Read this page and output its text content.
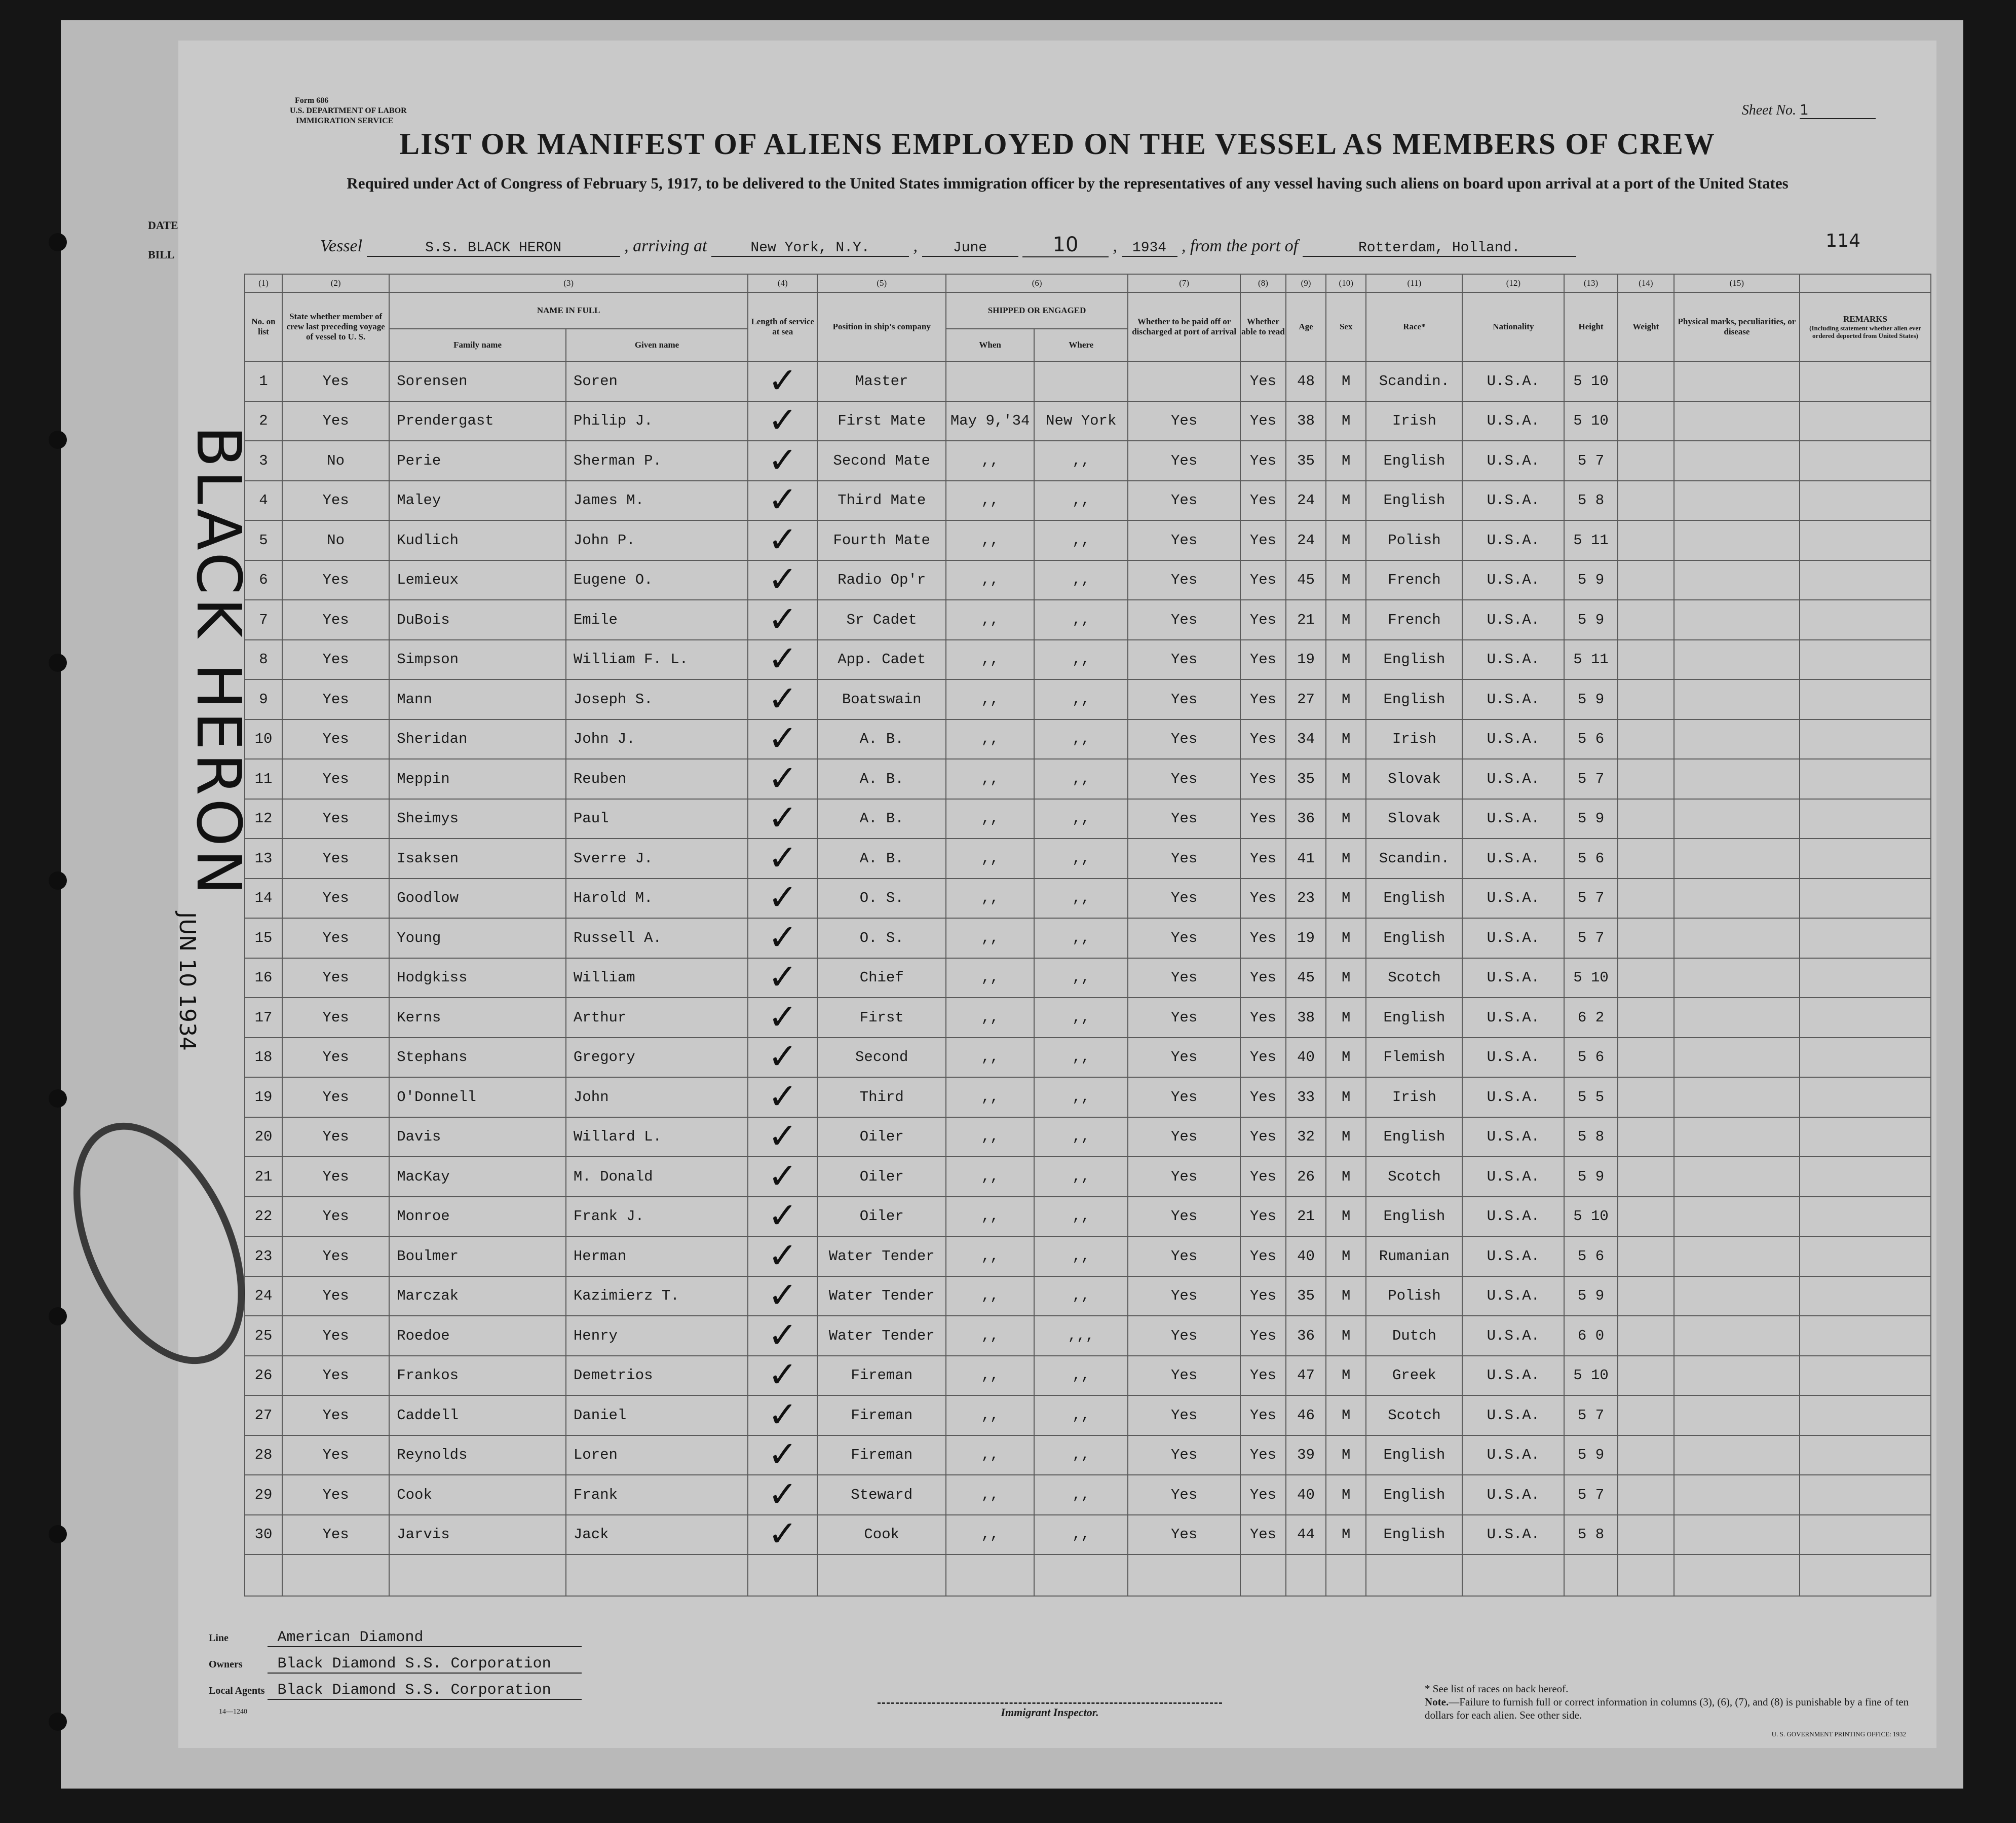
DATE
BILL
Form 686
U.S. DEPARTMENT OF LABOR
IMMIGRATION SERVICE
Sheet No. 1
LIST OR MANIFEST OF ALIENS EMPLOYED ON THE VESSEL AS MEMBERS OF CREW
Required under Act of Congress of February 5, 1917, to be delivered to the United States immigration officer by the representatives of any vessel having such aliens on board upon arrival at a port of the United States
Vessel	S.S. BLACK HERON	, arriving at	New York, N.Y.	, June	10 , 1934 , from the port of	Rotterdam, Holland.	114
(1)	(2)	(3)		(4)	(5)	(6)		(7)	(8)	(9)	(10)	(11)	(12)	(13)	(14)	(15)	
No. on list	State whether member of crew last preceding voyage of vessel to U. S.	NAME IN FULL		Length of service at sea	Position in ship's company	SHIPPED OR ENGAGED		Whether to be paid off or discharged at port of arrival	Whether able to read	Age	Sex	Race*	Nationality	Height	Weight	Physical marks, peculiarities, or disease	REMARKS
(Including statement whether alien ever ordered deported from United States)

		Family name	Given name			When	Where										
1	Yes	Sorensen	Soren	✓	Master				Yes	48	M	Scandin.	U.S.A.	5 10			
2	Yes	Prendergast	Philip J.	✓	First Mate	May 9,'34	New York	Yes	Yes	38	M	Irish	U.S.A.	5 10			
3	No	Perie	Sherman P.	✓	Second Mate	,,	,,	Yes	Yes	35	M	English	U.S.A.	5 7			
4	Yes	Maley	James M.	✓	Third Mate	,,	,,	Yes	Yes	24	M	English	U.S.A.	5 8			
5	No	Kudlich	John P.	✓	Fourth Mate	,,	,,	Yes	Yes	24	M	Polish	U.S.A.	5 11			
6	Yes	Lemieux	Eugene O.	✓	Radio Op'r	,,	,,	Yes	Yes	45	M	French	U.S.A.	5 9			
7	Yes	DuBois	Emile	✓	Sr Cadet	,,	,,	Yes	Yes	21	M	French	U.S.A.	5 9			
8	Yes	Simpson	William F. L.	✓	App. Cadet	,,	,,	Yes	Yes	19	M	English	U.S.A.	5 11			
9	Yes	Mann	Joseph S.	✓	Boatswain	,,	,,	Yes	Yes	27	M	English	U.S.A.	5 9			
10	Yes	Sheridan	John J.	✓	A. B.	,,	,,	Yes	Yes	34	M	Irish	U.S.A.	5 6			
11	Yes	Meppin	Reuben	✓	A. B.	,,	,,	Yes	Yes	35	M	Slovak	U.S.A.	5 7			
12	Yes	Sheimys	Paul	✓	A. B.	,,	,,	Yes	Yes	36	M	Slovak	U.S.A.	5 9			
13	Yes	Isaksen	Sverre J.	✓	A. B.	,,	,,	Yes	Yes	41	M	Scandin.	U.S.A.	5 6			
14	Yes	Goodlow	Harold M.	✓	O. S.	,,	,,	Yes	Yes	23	M	English	U.S.A.	5 7			
15	Yes	Young	Russell A.	✓	O. S.	,,	,,	Yes	Yes	19	M	English	U.S.A.	5 7			
16	Yes	Hodgkiss	William	✓	Chief	,,	,,	Yes	Yes	45	M	Scotch	U.S.A.	5 10			
17	Yes	Kerns	Arthur	✓	First	,,	,,	Yes	Yes	38	M	English	U.S.A.	6 2			
18	Yes	Stephans	Gregory	✓	Second	,,	,,	Yes	Yes	40	M	Flemish	U.S.A.	5 6			
19	Yes	O'Donnell	John	✓	Third	,,	,,	Yes	Yes	33	M	Irish	U.S.A.	5 5			
20	Yes	Davis	Willard L.	✓	Oiler	,,	,,	Yes	Yes	32	M	English	U.S.A.	5 8			
21	Yes	MacKay	M. Donald	✓	Oiler	,,	,,	Yes	Yes	26	M	Scotch	U.S.A.	5 9			
22	Yes	Monroe	Frank J.	✓	Oiler	,,	,,	Yes	Yes	21	M	English	U.S.A.	5 10			
23	Yes	Boulmer	Herman	✓	Water Tender	,,	,,	Yes	Yes	40	M	Rumanian	U.S.A.	5 6			
24	Yes	Marczak	Kazimierz T.	✓	Water Tender	,,	,,	Yes	Yes	35	M	Polish	U.S.A.	5 9			
25	Yes	Roedoe	Henry	✓	Water Tender	,,	,,,	Yes	Yes	36	M	Dutch	U.S.A.	6 0			
26	Yes	Frankos	Demetrios	✓	Fireman	,,	,,	Yes	Yes	47	M	Greek	U.S.A.	5 10			
27	Yes	Caddell	Daniel	✓	Fireman	,,	,,	Yes	Yes	46	M	Scotch	U.S.A.	5 7			
28	Yes	Reynolds	Loren	✓	Fireman	,,	,,	Yes	Yes	39	M	English	U.S.A.	5 9			
29	Yes	Cook	Frank	✓	Steward	,,	,,	Yes	Yes	40	M	English	U.S.A.	5 7			
30	Yes	Jarvis	Jack	✓	Cook	,,	,,	Yes	Yes	44	M	English	U.S.A.	5 8			

Line	American Diamond
Owners Black Diamond S.S. Corporation
Local Agents Black Diamond S.S. Corporation
14—1240	Immigrant Inspector.
* See list of races on back hereof.
Note.—Failure to furnish full or correct information in columns (3), (6), (7), and (8) is punishable by a fine of ten dollars for each alien. See other side.
U. S. GOVERNMENT PRINTING OFFICE: 1932
BLACK HERON
JUN 10 1934
